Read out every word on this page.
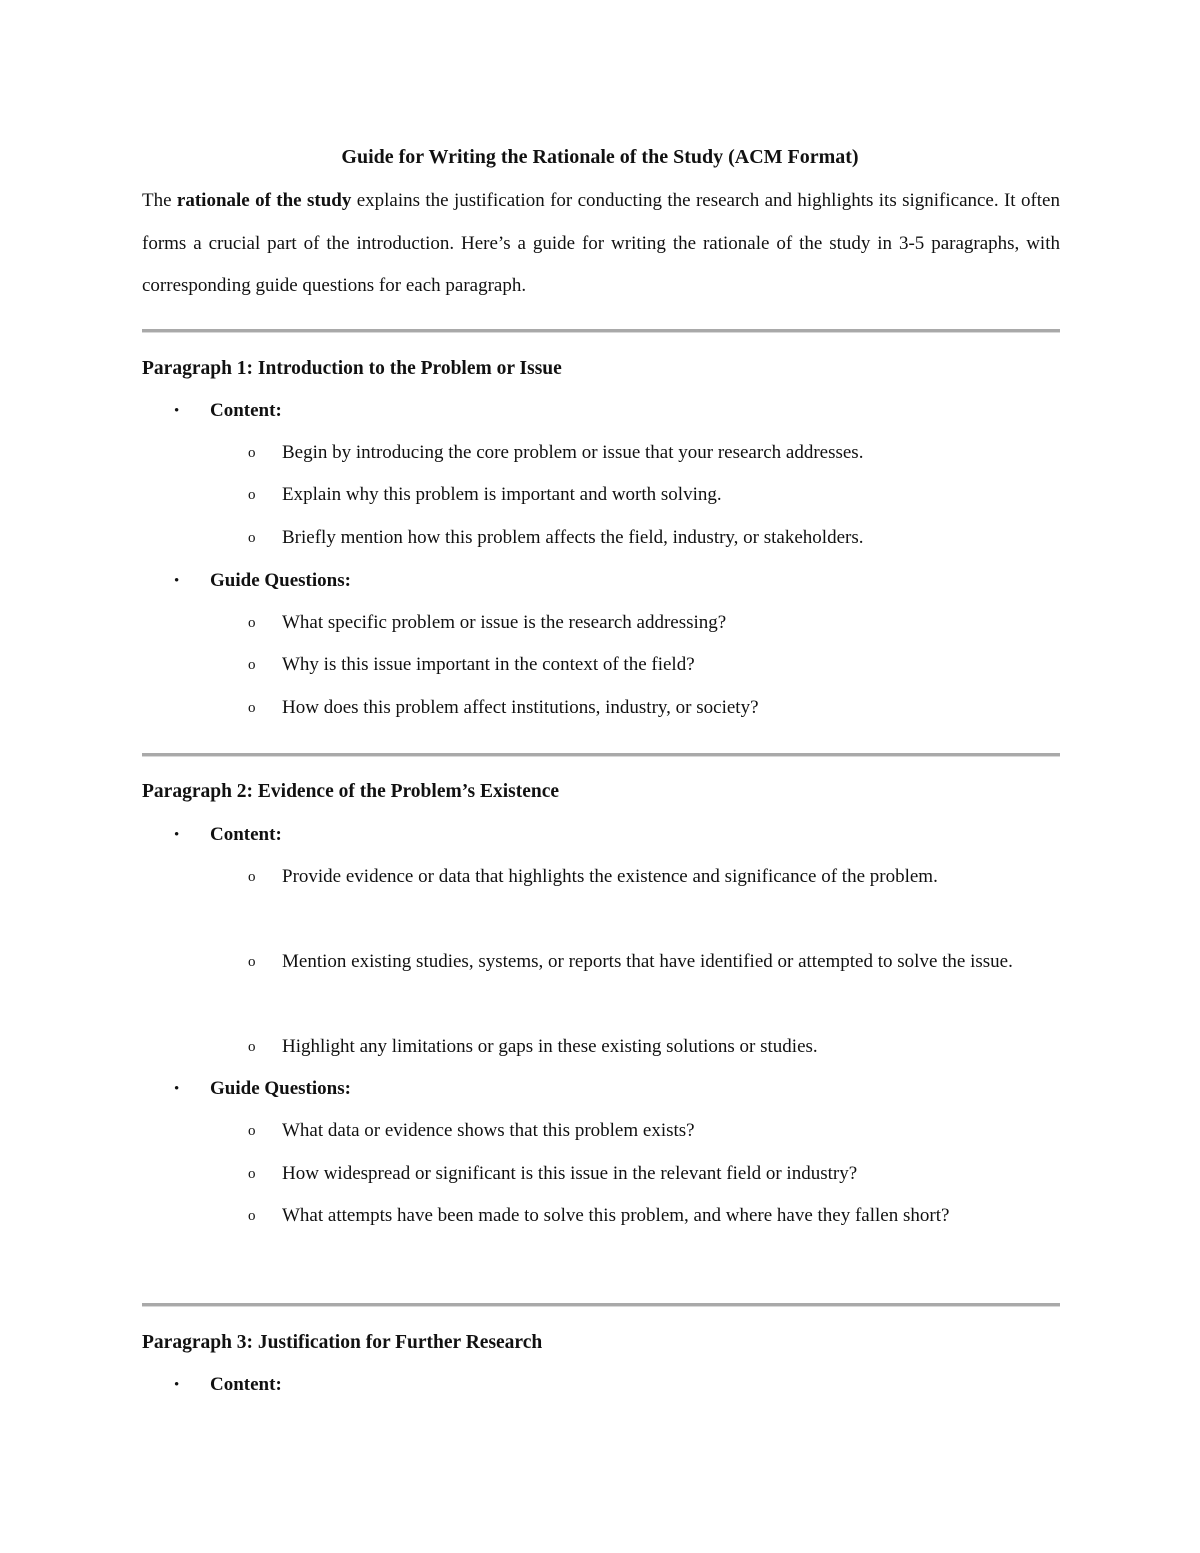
Guide for Writing the Rationale of the Study (ACM Format)
The rationale of the study explains the justification for conducting the research and highlights its significance. It often forms a crucial part of the introduction. Here’s a guide for writing the rationale of the study in 3-5 paragraphs, with corresponding guide questions for each paragraph.
Paragraph 1: Introduction to the Problem or Issue
• Content:
o Begin by introducing the core problem or issue that your research addresses.
o Explain why this problem is important and worth solving.
o Briefly mention how this problem affects the field, industry, or stakeholders.
• Guide Questions:
o What specific problem or issue is the research addressing?
o Why is this issue important in the context of the field?
o How does this problem affect institutions, industry, or society?
Paragraph 2: Evidence of the Problem’s Existence
• Content:
o Provide evidence or data that highlights the existence and significance of the problem.
o Mention existing studies, systems, or reports that have identified or attempted to solve the issue.
o Highlight any limitations or gaps in these existing solutions or studies.
• Guide Questions:
o What data or evidence shows that this problem exists?
o How widespread or significant is this issue in the relevant field or industry?
o What attempts have been made to solve this problem, and where have they fallen short?
Paragraph 3: Justification for Further Research
• Content:
